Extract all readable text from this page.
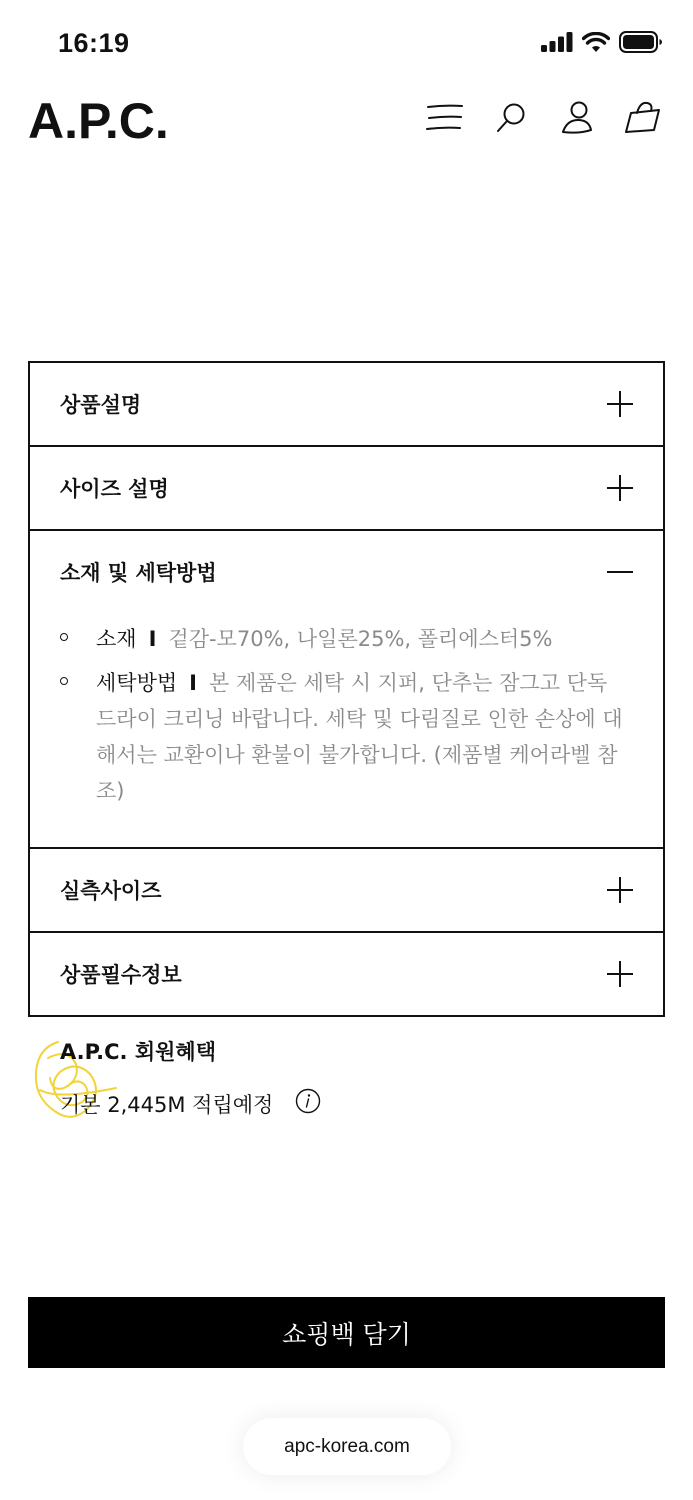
16:19
A.P.C.
상품설명
사이즈 설명
소재 및 세탁방법
소재 I 겉감-모70%, 나일론25%, 폴리에스터5%
세탁방법 I 본 제품은 세탁 시 지퍼, 단추는 잠그고 단독 드라이 크리닝 바랍니다. 세탁 및 다림질로 인한 손상에 대해서는 교환이나 환불이 불가합니다. (제품별 케어라벨 참조)
실측사이즈
상품필수정보
A.P.C. 회원혜택
기본 2,445M 적립예정
쇼핑백 담기
apc-korea.com
